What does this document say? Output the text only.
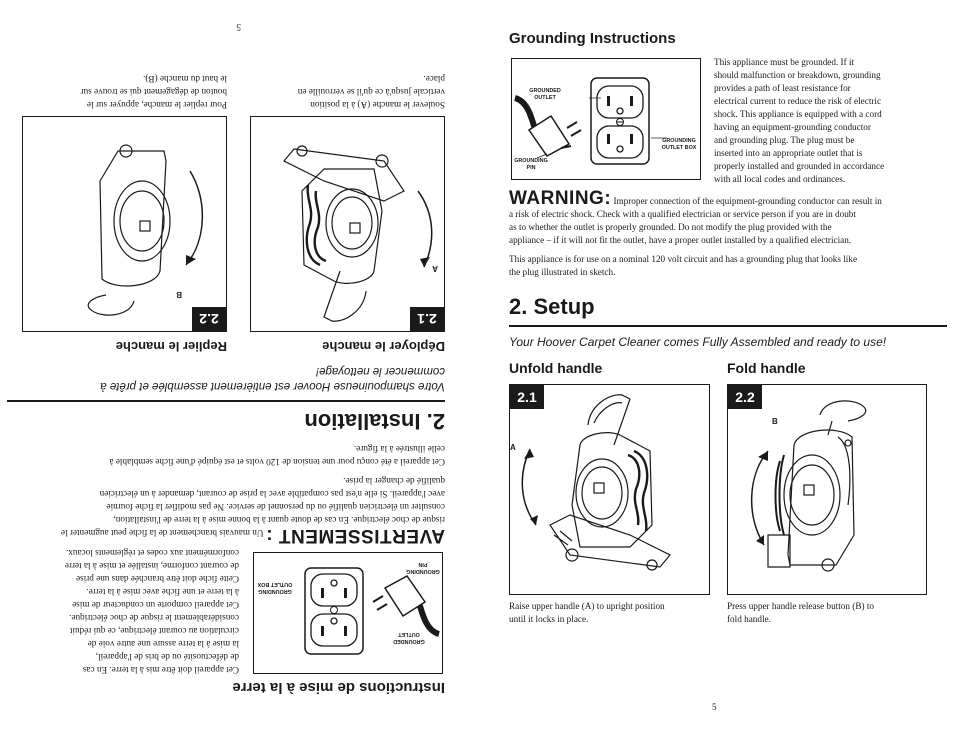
Grounding Instructions
GROUNDED
OUTLET
GROUNDING
OUTLET BOX
GROUNDING
PIN
This appliance must be grounded. If it
should malfunction or breakdown, grounding
provides a path of least resistance for
electrical current to reduce the risk of electric
shock. This appliance is equipped with a cord
having an equipment-grounding conductor
and grounding plug. The plug must be
inserted into an appropriate outlet that is
properly installed and grounded in accordance
with all local codes and ordinances.
WARNING: Improper connection of the equipment-grounding conductor can result in
a risk of electric shock. Check with a qualified electrician or service person if you are in doubt
as to whether the outlet is properly grounded. Do not modify the plug provided with the
appliance – if it will not fit the outlet, have a proper outlet installed by a qualified electrician.
This appliance is for use on a nominal 120 volt circuit and has a grounding plug that looks like
the plug illustrated in sketch.
2. Setup
Your Hoover Carpet Cleaner comes Fully Assembled and ready to use!
Unfold handle	Fold handle
2.1
A
2.2
B
Raise upper handle (A) to upright position
until it locks in place.
Press upper handle release button (B) to
fold handle.
5
Instructions de mise à la terre
GROUNDED
OUTLET
GROUNDING
OUTLET BOX
GROUNDING
PIN
Cet appareil doit être mis à la terre. En cas
de défectuosité ou de bris de l'appareil,
la mise à la terre assure une autre voie de
circulation au courant électrique, ce qui réduit
considérablement le risque de choc électrique.
Cet appareil comporte un conducteur de mise
à la terre et une fiche avec mise à la terre.
Cette fiche doit être branchée dans une prise
de courant conforme, installée et mise à la terre
conformément aux codes et règlements locaux.
AVERTISSEMENT : Un mauvais branchement de la fiche peut augmenter le
risque de choc électrique. En cas de doute quant à la bonne mise à la terre de l'installation,
consulter un électricien qualifié ou du personnel de service. Ne pas modifier la fiche fournie
avec l'appareil. Si elle n'est pas compatible avec la prise de courant, demander à un électricien
qualifié de changer la prise.
Cet appareil a été conçu pour une tension de 120 volts et est équipé d'une fiche semblable à
celle illustrée à la figure.
2. Installation
Votre shampouineuse Hoover est entièrement assemblée et prête à
commencer le nettoyage!
Déployer le manche
Replier le manche
2.1
A
2.2
B
Soulever le manche (A) à la position
verticale jusqu'à ce qu'il se verrouille en
place.
Pour replier le manche, appuyer sur le
bouton de dégagement qui se trouve sur
le haut du manche (B).
5
